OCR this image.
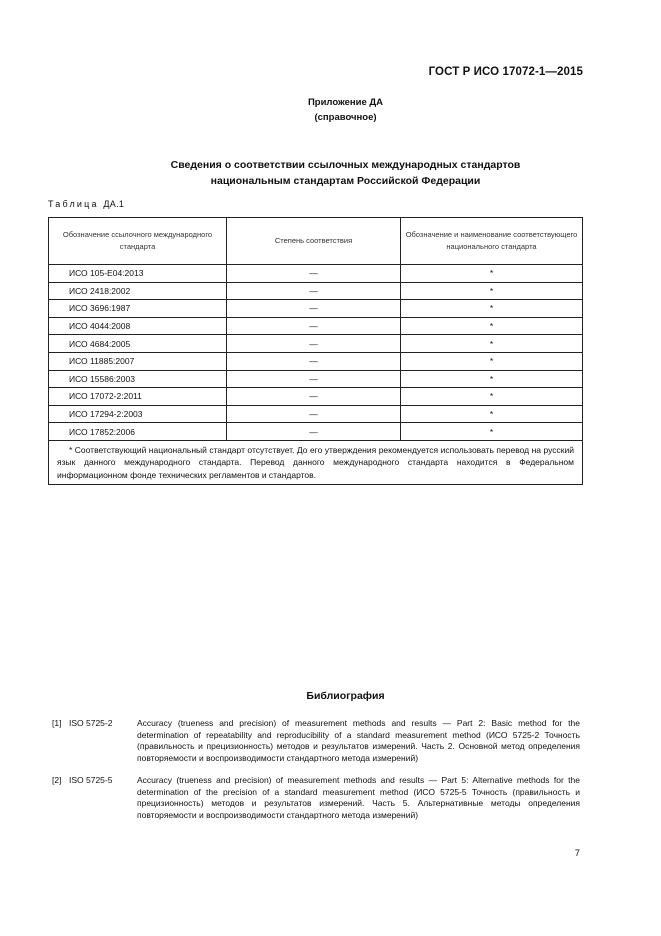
ГОСТ Р ИСО 17072-1—2015
Приложение ДА
(справочное)
Сведения о соответствии ссылочных международных стандартов
национальным стандартам Российской Федерации
Таблица ДА.1
Обозначение ссылочного международного стандарта	Степень соответствия	Обозначение и наименование соответствующего национального стандарта
ИСО 105-Е04:2013	—	*
ИСО 2418:2002	—	*
ИСО 3696:1987	—	*
ИСО 4044:2008	—	*
ИСО 4684:2005	—	*
ИСО 11885:2007	—	*
ИСО 15586:2003	—	*
ИСО 17072-2:2011	—	*
ИСО 17294-2:2003	—	*
ИСО 17852:2006	—	*
* Соответствующий национальный стандарт отсутствует. До его утверждения рекомендуется использовать перевод на русский язык данного международного стандарта. Перевод данного международного стандарта находится в Федеральном информационном фонде технических регламентов и стандартов.		
Библиография
[1] ISO 5725-2	Accuracy (trueness and precision) of measurement methods and results — Part 2: Basic method for the determination of repeatability and reproducibility of a standard measurement method (ИСО 5725-2 Точность (правильность и прецизионность) методов и результатов измерений. Часть 2. Основной метод определения повторяемости и воспроизводимости стандартного метода измерений)
[2] ISO 5725-5	Accuracy (trueness and precision) of measurement methods and results — Part 5: Alternative methods for the determination of the precision of a standard measurement method (ИСО 5725-5 Точность (правильность и прецизионность) методов и результатов измерений. Часть 5. Альтернативные методы определения повторяемости и воспроизводимости стандартного метода измерений)
7
